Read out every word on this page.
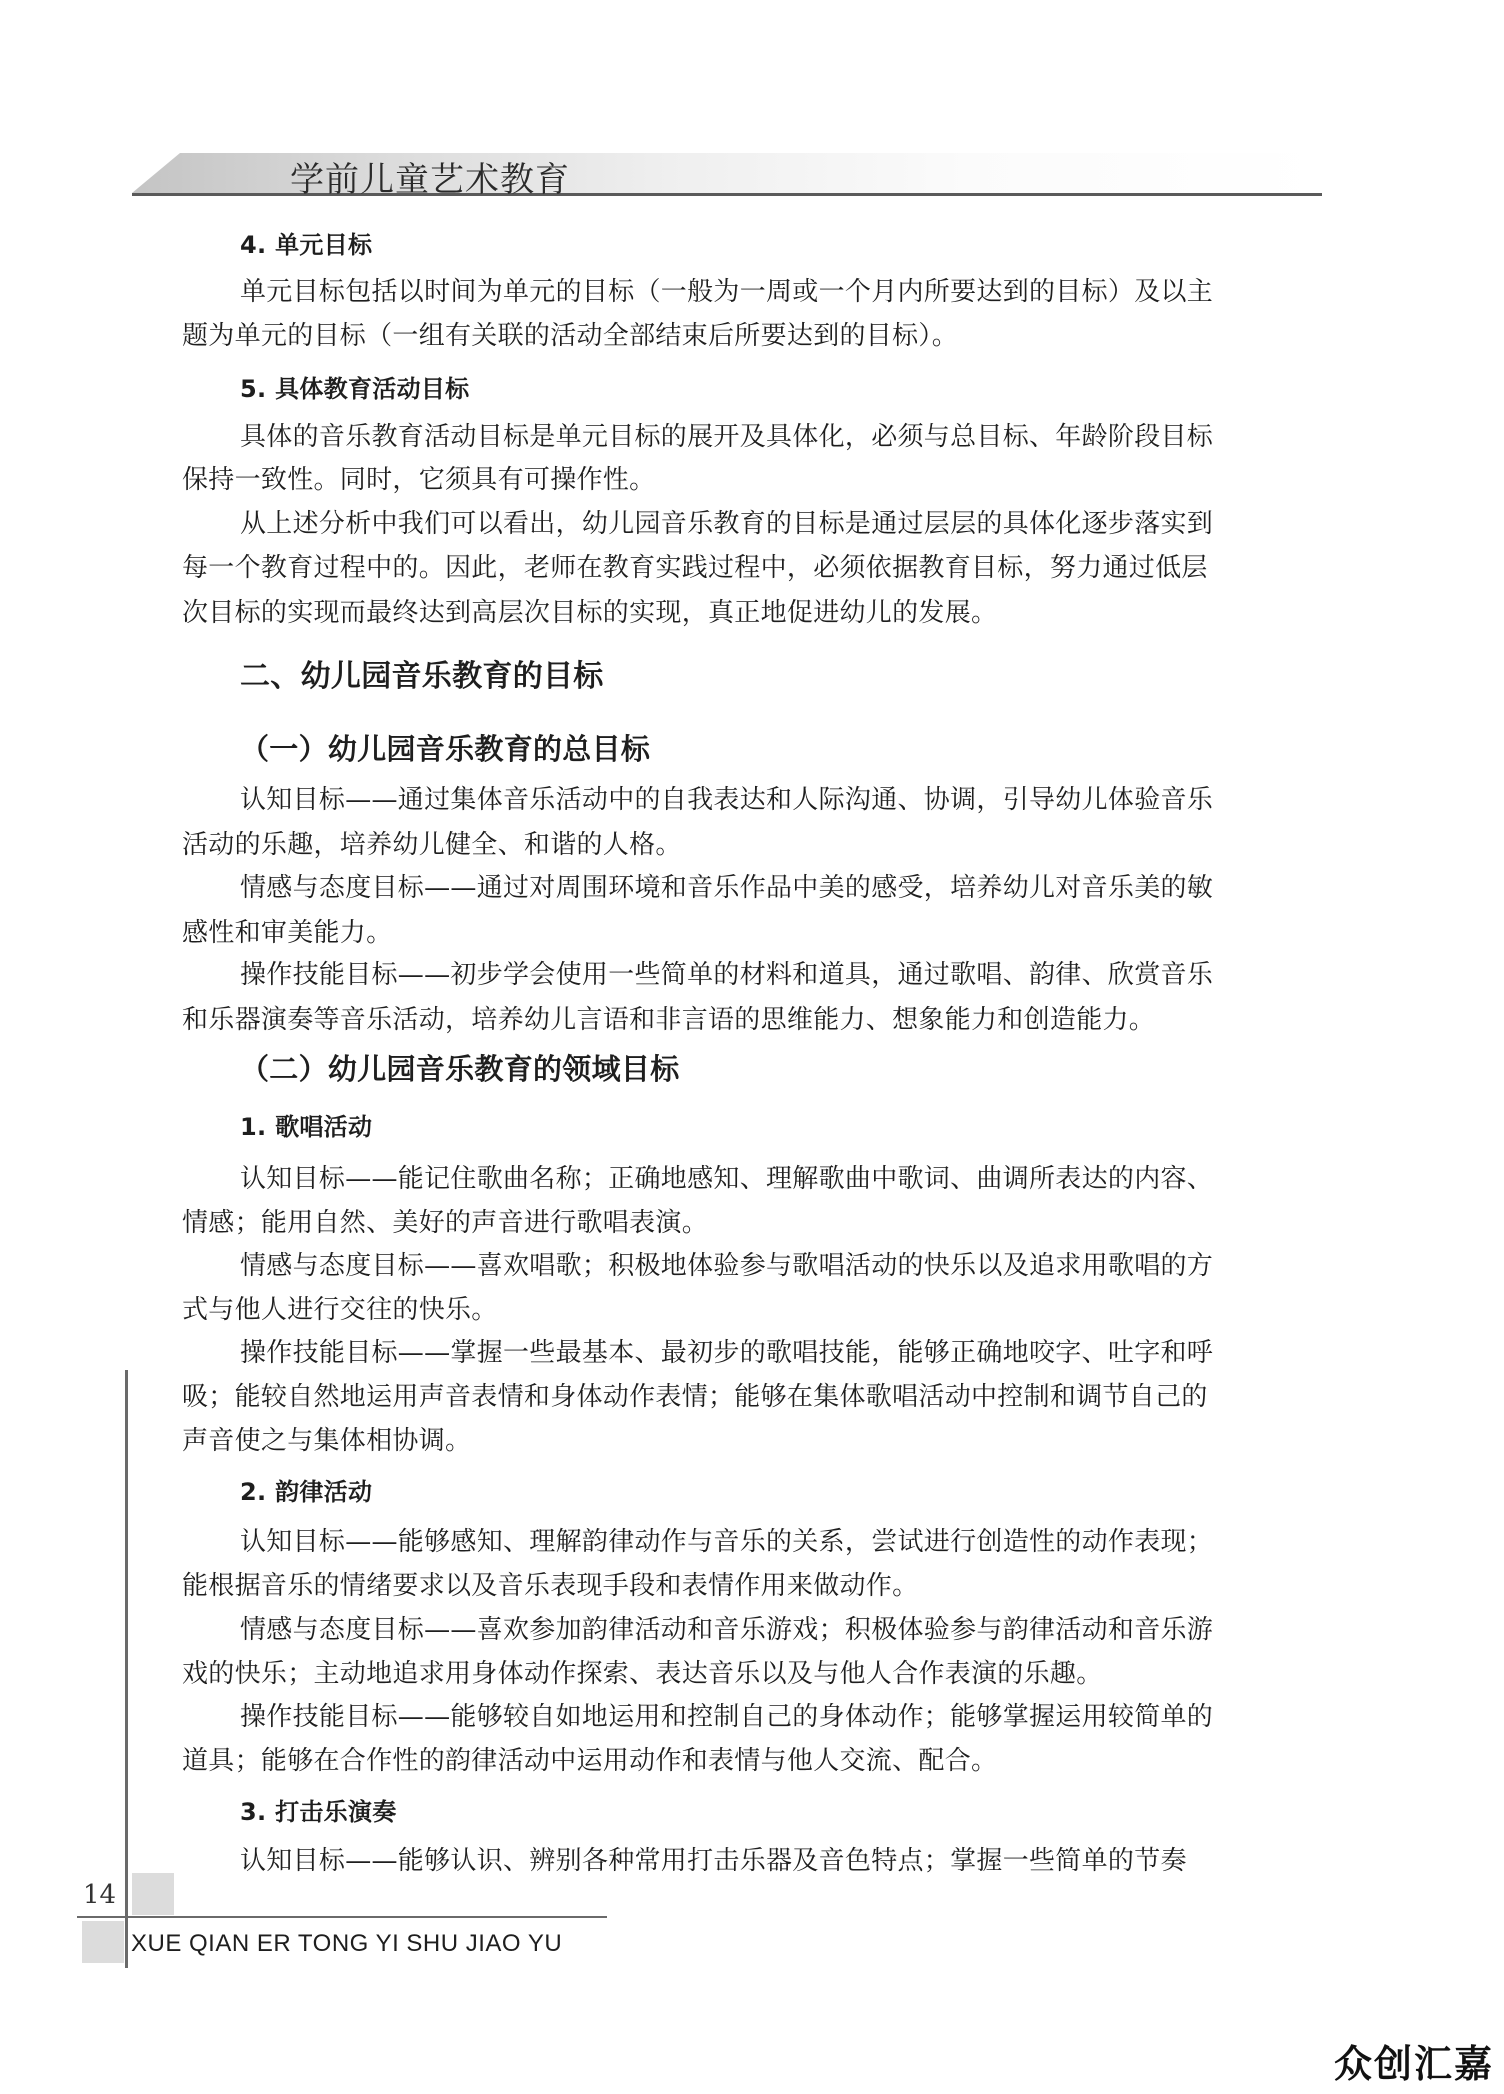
学前儿童艺术教育
4. 单元目标
单元目标包括以时间为单元的目标（一般为一周或一个月内所要达到的目标）及以主
题为单元的目标（一组有关联的活动全部结束后所要达到的目标）。
5. 具体教育活动目标
具体的音乐教育活动目标是单元目标的展开及具体化，必须与总目标、年龄阶段目标
保持一致性。同时，它须具有可操作性。
从上述分析中我们可以看出，幼儿园音乐教育的目标是通过层层的具体化逐步落实到
每一个教育过程中的。因此，老师在教育实践过程中，必须依据教育目标，努力通过低层
次目标的实现而最终达到高层次目标的实现，真正地促进幼儿的发展。
二、幼儿园音乐教育的目标
（一）幼儿园音乐教育的总目标
认知目标——通过集体音乐活动中的自我表达和人际沟通、协调，引导幼儿体验音乐
活动的乐趣，培养幼儿健全、和谐的人格。
情感与态度目标——通过对周围环境和音乐作品中美的感受，培养幼儿对音乐美的敏
感性和审美能力。
操作技能目标——初步学会使用一些简单的材料和道具，通过歌唱、韵律、欣赏音乐
和乐器演奏等音乐活动，培养幼儿言语和非言语的思维能力、想象能力和创造能力。
（二）幼儿园音乐教育的领域目标
1. 歌唱活动
认知目标——能记住歌曲名称；正确地感知、理解歌曲中歌词、曲调所表达的内容、
情感；能用自然、美好的声音进行歌唱表演。
情感与态度目标——喜欢唱歌；积极地体验参与歌唱活动的快乐以及追求用歌唱的方
式与他人进行交往的快乐。
操作技能目标——掌握一些最基本、最初步的歌唱技能，能够正确地咬字、吐字和呼
吸；能较自然地运用声音表情和身体动作表情；能够在集体歌唱活动中控制和调节自己的
声音使之与集体相协调。
2. 韵律活动
认知目标——能够感知、理解韵律动作与音乐的关系，尝试进行创造性的动作表现；
能根据音乐的情绪要求以及音乐表现手段和表情作用来做动作。
情感与态度目标——喜欢参加韵律活动和音乐游戏；积极体验参与韵律活动和音乐游
戏的快乐；主动地追求用身体动作探索、表达音乐以及与他人合作表演的乐趣。
操作技能目标——能够较自如地运用和控制自己的身体动作；能够掌握运用较简单的
道具；能够在合作性的韵律活动中运用动作和表情与他人交流、配合。
3. 打击乐演奏
认知目标——能够认识、辨别各种常用打击乐器及音色特点；掌握一些简单的节奏
14
XUE QIAN ER TONG YI SHU JIAO YU
众创汇嘉
